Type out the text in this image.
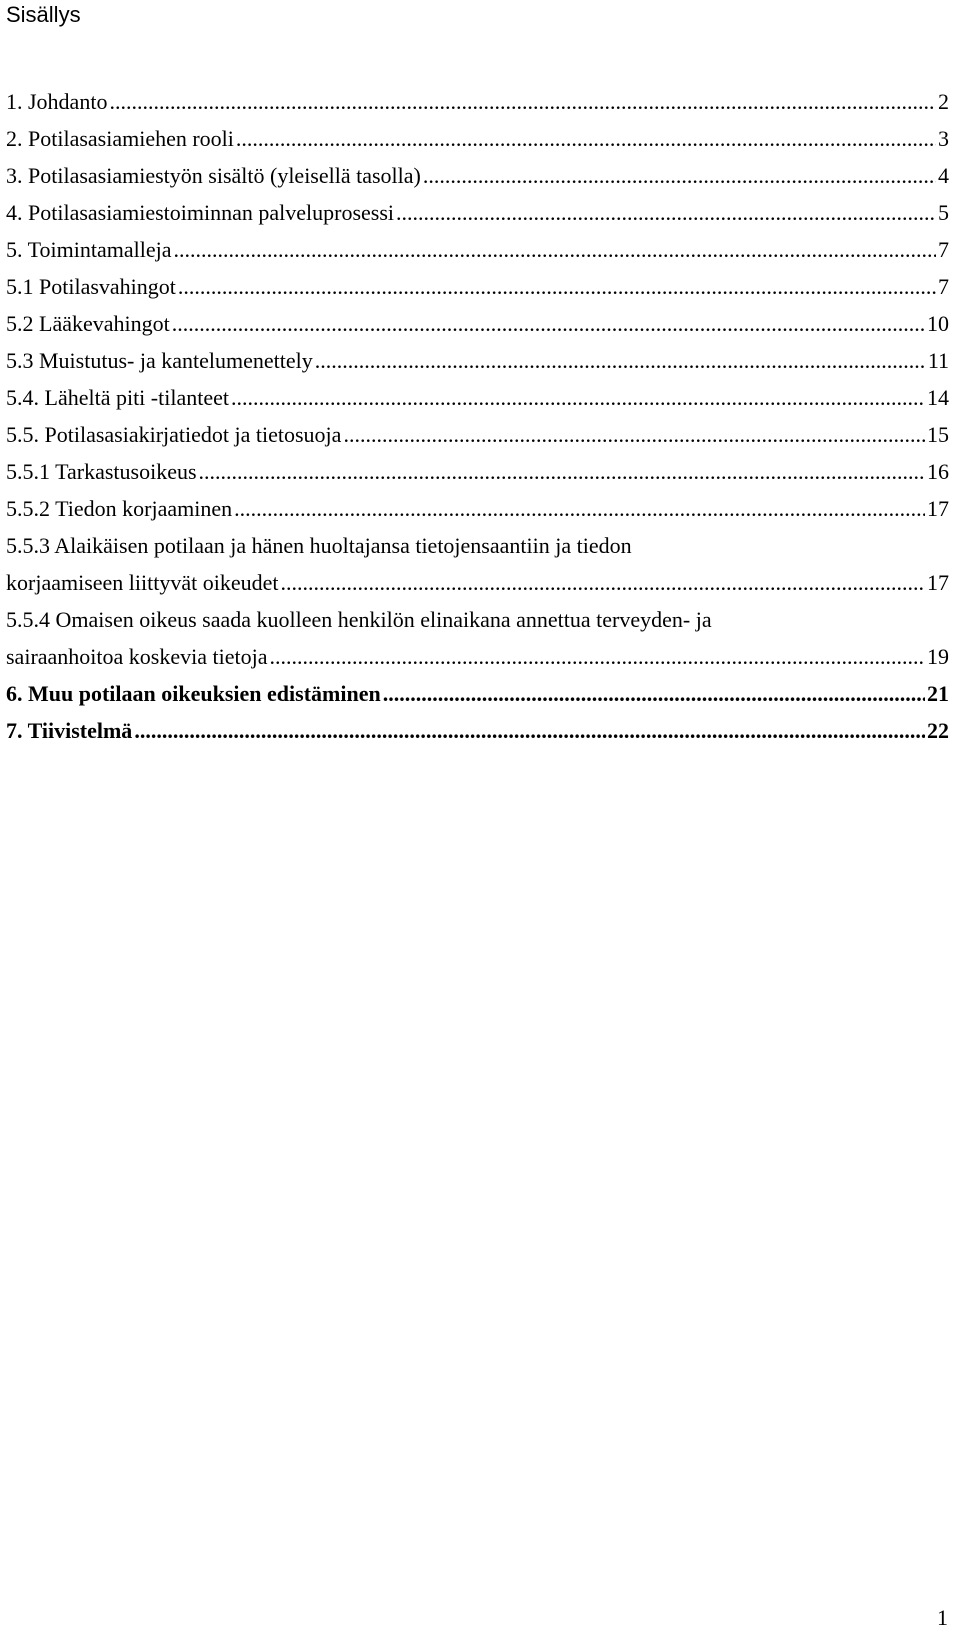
Sisällys
1. Johdanto .....	2
2. Potilasasiamiehen rooli .....	3
3. Potilasasiamiestyön sisältö (yleisellä tasolla) .....	4
4. Potilasasiamiestoiminnan palveluprosessi .....	5
5. Toimintamalleja .....	7
5.1 Potilasvahingot .....	7
5.2 Lääkevahingot .....	10
5.3 Muistutus- ja kantelumenettely .....	11
5.4. Läheltä piti -tilanteet .....	14
5.5. Potilasasiakirjatiedot ja tietosuoja .....	15
5.5.1 Tarkastusoikeus .....	16
5.5.2 Tiedon korjaaminen .....	17
5.5.3 Alaikäisen potilaan ja hänen huoltajansa tietojensaantiin ja tiedon
korjaamiseen liittyvät oikeudet .....	17
5.5.4 Omaisen oikeus saada kuolleen henkilön elinaikana annettua terveyden- ja
sairaanhoitoa koskevia tietoja .....	19
6. Muu potilaan oikeuksien edistäminen .....	21
7. Tiivistelmä .....	22
1
